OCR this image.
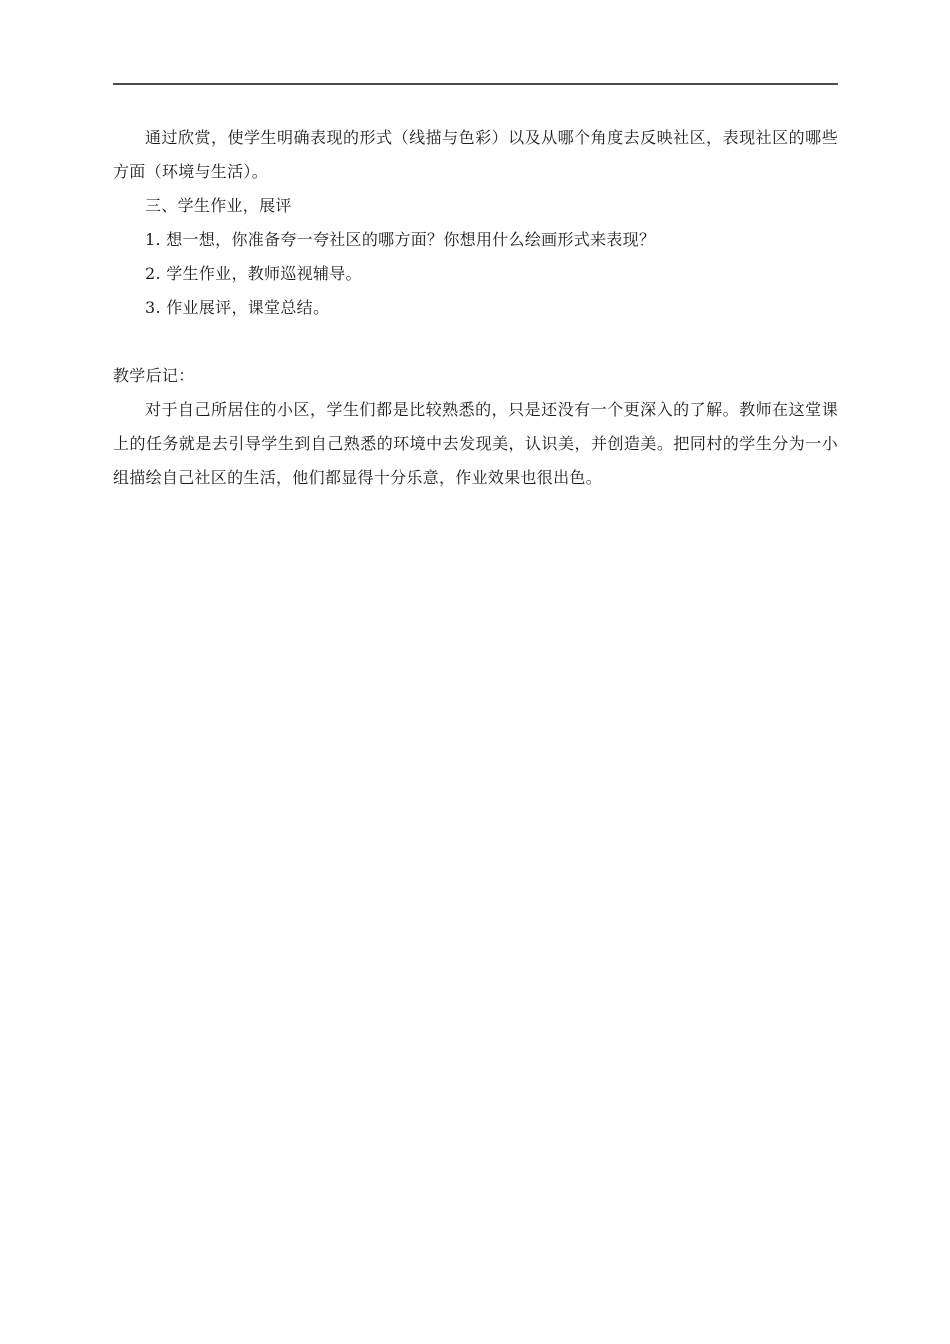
通过欣赏，使学生明确表现的形式（线描与色彩）以及从哪个角度去反映社区，表现社区的哪些
方面（环境与生活）。

三、学生作业，展评

1. 想一想，你准备夸一夸社区的哪方面？你想用什么绘画形式来表现？

2. 学生作业，教师巡视辅导。

3. 作业展评，课堂总结。

教学后记：

对于自己所居住的小区，学生们都是比较熟悉的，只是还没有一个更深入的了解。教师在这堂课
上的任务就是去引导学生到自己熟悉的环境中去发现美，认识美，并创造美。把同村的学生分为一小
组描绘自己社区的生活，他们都显得十分乐意，作业效果也很出色。
